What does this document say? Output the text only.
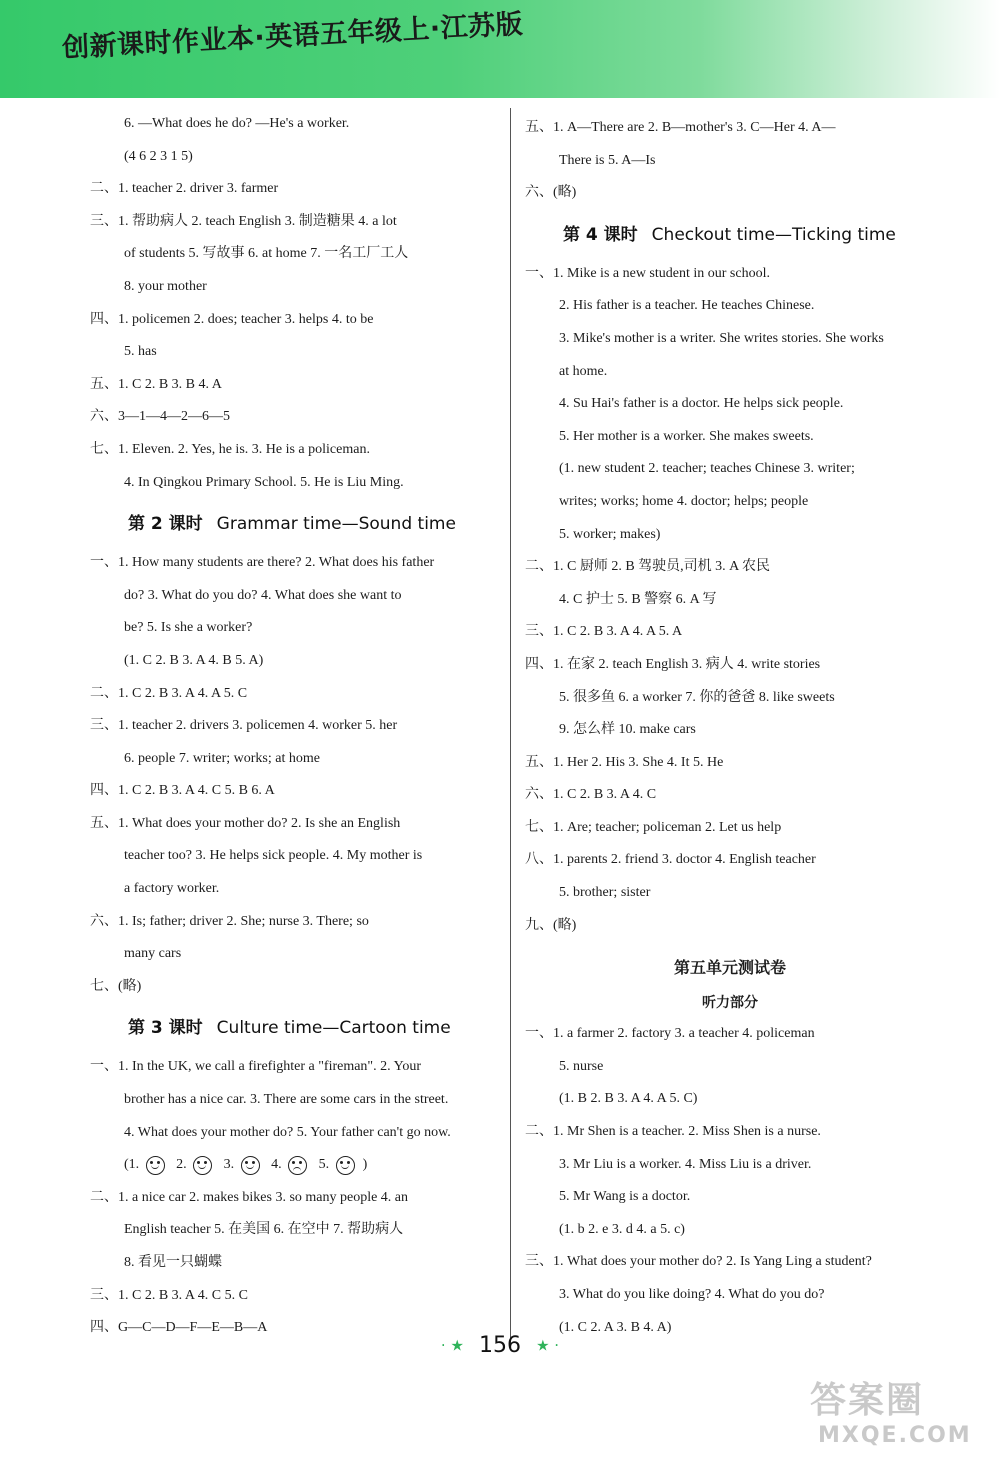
创新课时作业本·英语五年级上·江苏版
6. —What does he do? —He's a worker.
(4 6 2 3 1 5)
二、1. teacher 2. driver 3. farmer
三、1. 帮助病人 2. teach English 3. 制造糖果 4. a lot
of students 5. 写故事 6. at home 7. 一名工厂工人
8. your mother
四、1. policemen 2. does; teacher 3. helps 4. to be
5. has
五、1. C 2. B 3. B 4. A
六、3—1—4—2—6—5
七、1. Eleven. 2. Yes, he is. 3. He is a policeman.
4. In Qingkou Primary School. 5. He is Liu Ming.
第 2 课时 Grammar time—Sound time
一、1. How many students are there? 2. What does his father
do? 3. What do you do? 4. What does she want to
be? 5. Is she a worker?
(1. C 2. B 3. A 4. B 5. A)
二、1. C 2. B 3. A 4. A 5. C
三、1. teacher 2. drivers 3. policemen 4. worker 5. her
6. people 7. writer; works; at home
四、1. C 2. B 3. A 4. C 5. B 6. A
五、1. What does your mother do? 2. Is she an English
teacher too? 3. He helps sick people. 4. My mother is
a factory worker.
六、1. Is; father; driver 2. She; nurse 3. There; so
many cars
七、(略)
第 3 课时 Culture time—Cartoon time
一、1. In the UK, we call a firefighter a "fireman". 2. Your
brother has a nice car. 3. There are some cars in the street.
4. What does your mother do? 5. Your father can't go now.
(1.	2.	3.	4.	5. )
二、1. a nice car 2. makes bikes 3. so many people 4. an
English teacher 5. 在美国 6. 在空中 7. 帮助病人
8. 看见一只蝴蝶
三、1. C 2. B 3. A 4. C 5. C
四、G—C—D—F—E—B—A
五、1. A—There are 2. B—mother's 3. C—Her 4. A—
There is 5. A—Is
六、(略)
第 4 课时 Checkout time—Ticking time
一、1. Mike is a new student in our school.
2. His father is a teacher. He teaches Chinese.
3. Mike's mother is a writer. She writes stories. She works
at home.
4. Su Hai's father is a doctor. He helps sick people.
5. Her mother is a worker. She makes sweets.
(1. new student 2. teacher; teaches Chinese 3. writer;
writes; works; home 4. doctor; helps; people
5. worker; makes)
二、1. C 厨师 2. B 驾驶员,司机 3. A 农民
4. C 护士 5. B 警察 6. A 写
三、1. C 2. B 3. A 4. A 5. A
四、1. 在家 2. teach English 3. 病人 4. write stories
5. 很多鱼 6. a worker 7. 你的爸爸 8. like sweets
9. 怎么样 10. make cars
五、1. Her 2. His 3. She 4. It 5. He
六、1. C 2. B 3. A 4. C
七、1. Are; teacher; policeman 2. Let us help
八、1. parents 2. friend 3. doctor 4. English teacher
5. brother; sister
九、(略)
第五单元测试卷
听力部分
一、1. a farmer 2. factory 3. a teacher 4. policeman
5. nurse
(1. B 2. B 3. A 4. A 5. C)
二、1. Mr Shen is a teacher. 2. Miss Shen is a nurse.
3. Mr Liu is a worker. 4. Miss Liu is a driver.
5. Mr Wang is a doctor.
(1. b 2. e 3. d 4. a 5. c)
三、1. What does your mother do? 2. Is Yang Ling a student?
3. What do you like doing? 4. What do you do?
(1. C 2. A 3. B 4. A)
· ★ 156 ★ ·
答案圈
MXQE.COM
